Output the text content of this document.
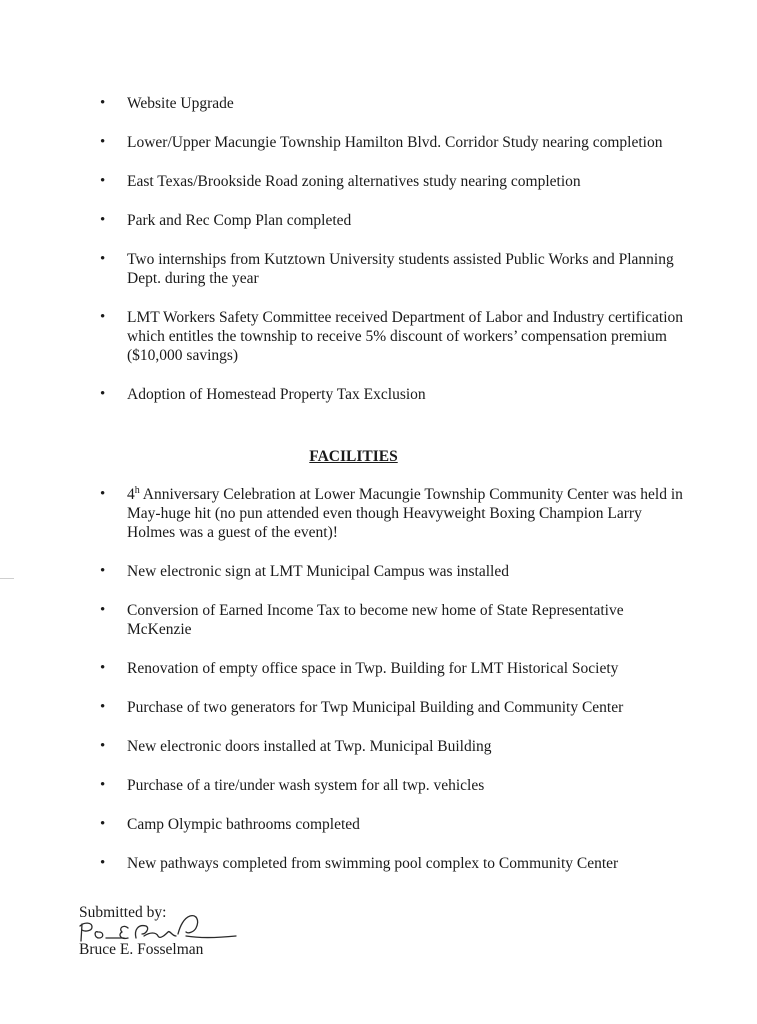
• Website Upgrade
• Lower/Upper Macungie Township Hamilton Blvd. Corridor Study nearing completion
• East Texas/Brookside Road zoning alternatives study nearing completion
• Park and Rec Comp Plan completed
• Two internships from Kutztown University students assisted Public Works and Planning Dept. during the year
• LMT Workers Safety Committee received Department of Labor and Industry certification which entitles the township to receive 5% discount of workers’ compensation premium ($10,000 savings)
• Adoption of Homestead Property Tax Exclusion
FACILITIES
• 4$^h$ Anniversary Celebration at Lower Macungie Township Community Center was held in May-huge hit (no pun attended even though Heavyweight Boxing Champion Larry Holmes was a guest of the event)!
• New electronic sign at LMT Municipal Campus was installed
• Conversion of Earned Income Tax to become new home of State Representative McKenzie
• Renovation of empty office space in Twp. Building for LMT Historical Society
• Purchase of two generators for Twp Municipal Building and Community Center
• New electronic doors installed at Twp. Municipal Building
• Purchase of a tire/under wash system for all twp. vehicles
• Camp Olympic bathrooms completed
• New pathways completed from swimming pool complex to Community Center
Submitted by:
Bruce E. Fosselman
